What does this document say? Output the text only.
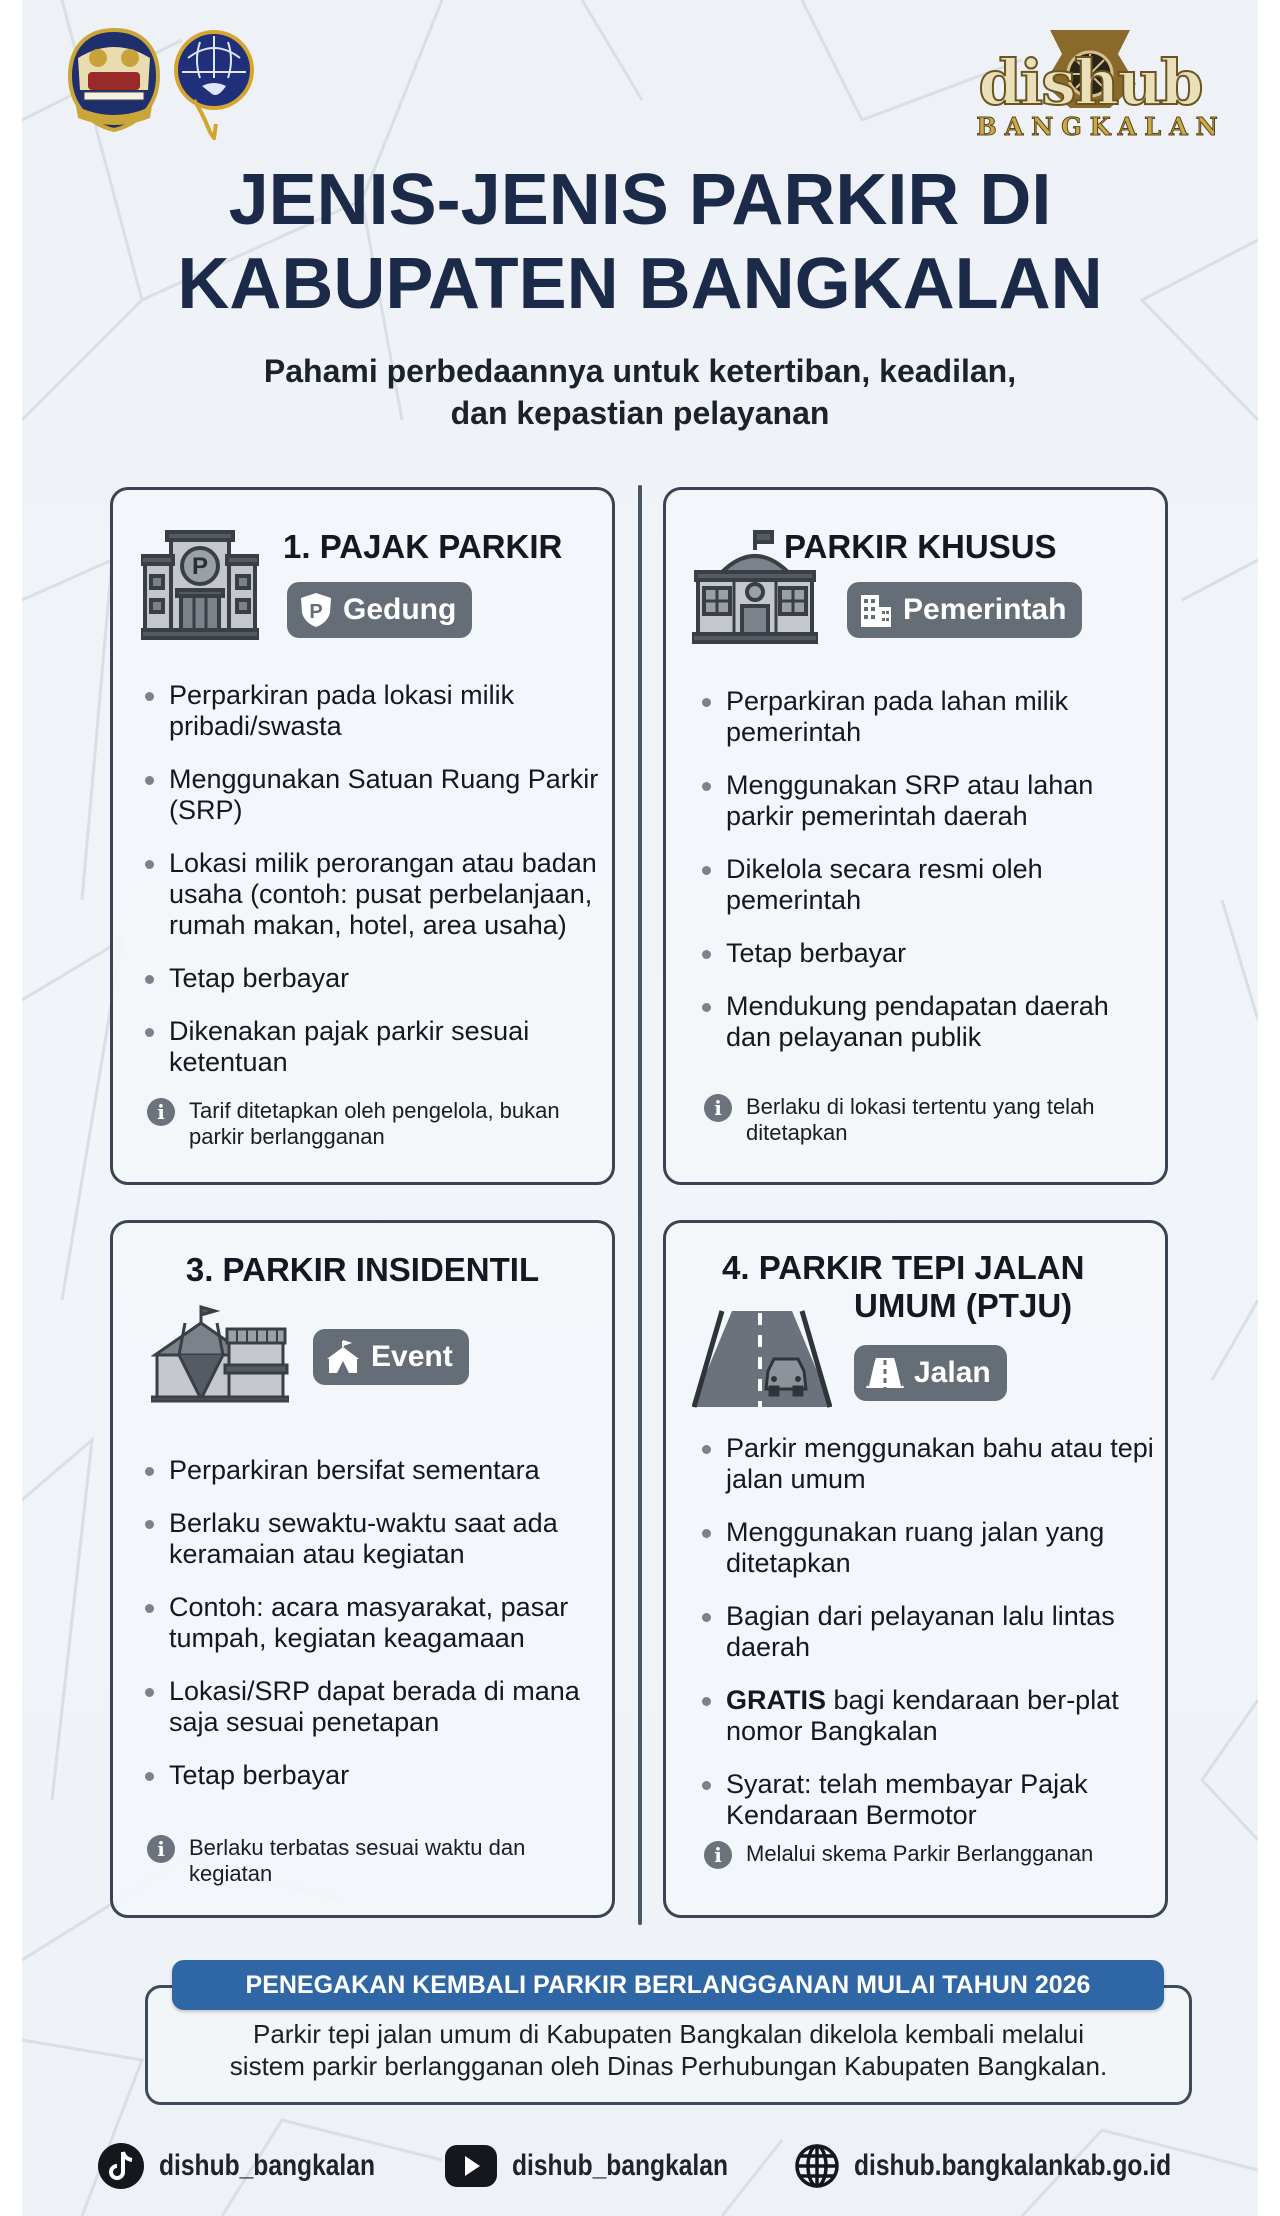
dishub
BANGKALAN
JENIS-JENIS PARKIR DI
KABUPATEN BANGKALAN
Pahami perbedaannya untuk ketertiban, keadilan,
dan kepastian pelayanan
P
1. PAJAK PARKIR
P Gedung
Perparkiran pada lokasi milik pribadi/swasta
Menggunakan Satuan Ruang Parkir (SRP)
Lokasi milik perorangan atau badan usaha (contoh: pusat perbelanjaan, rumah makan, hotel, area usaha)
Tetap berbayar
Dikenakan pajak parkir sesuai ketentuan
i	Tarif ditetapkan oleh pengelola, bukan parkir berlangganan
PARKIR KHUSUS
Pemerintah
Perparkiran pada lahan milik pemerintah
Menggunakan SRP atau lahan parkir pemerintah daerah
Dikelola secara resmi oleh pemerintah
Tetap berbayar
Mendukung pendapatan daerah dan pelayanan publik
i	Berlaku di lokasi tertentu yang telah ditetapkan
3. PARKIR INSIDENTIL
Event
Perparkiran bersifat sementara
Berlaku sewaktu-waktu saat ada keramaian atau kegiatan
Contoh: acara masyarakat, pasar tumpah, kegiatan keagamaan
Lokasi/SRP dapat berada di mana saja sesuai penetapan
Tetap berbayar
i	Berlaku terbatas sesuai waktu dan kegiatan
4. PARKIR TEPI JALAN
UMUM (PTJU)
Jalan
Parkir menggunakan bahu atau tepi jalan umum
Menggunakan ruang jalan yang ditetapkan
Bagian dari pelayanan lalu lintas daerah
GRATIS bagi kendaraan ber-plat nomor Bangkalan
Syarat: telah membayar Pajak Kendaraan Bermotor
i	Melalui skema Parkir Berlangganan
PENEGAKAN KEMBALI PARKIR BERLANGGANAN MULAI TAHUN 2026
Parkir tepi jalan umum di Kabupaten Bangkalan dikelola kembali melalui
sistem parkir berlangganan oleh Dinas Perhubungan Kabupaten Bangkalan.
dishub_bangkalan	dishub_bangkalan	dishub.bangkalankab.go.id
